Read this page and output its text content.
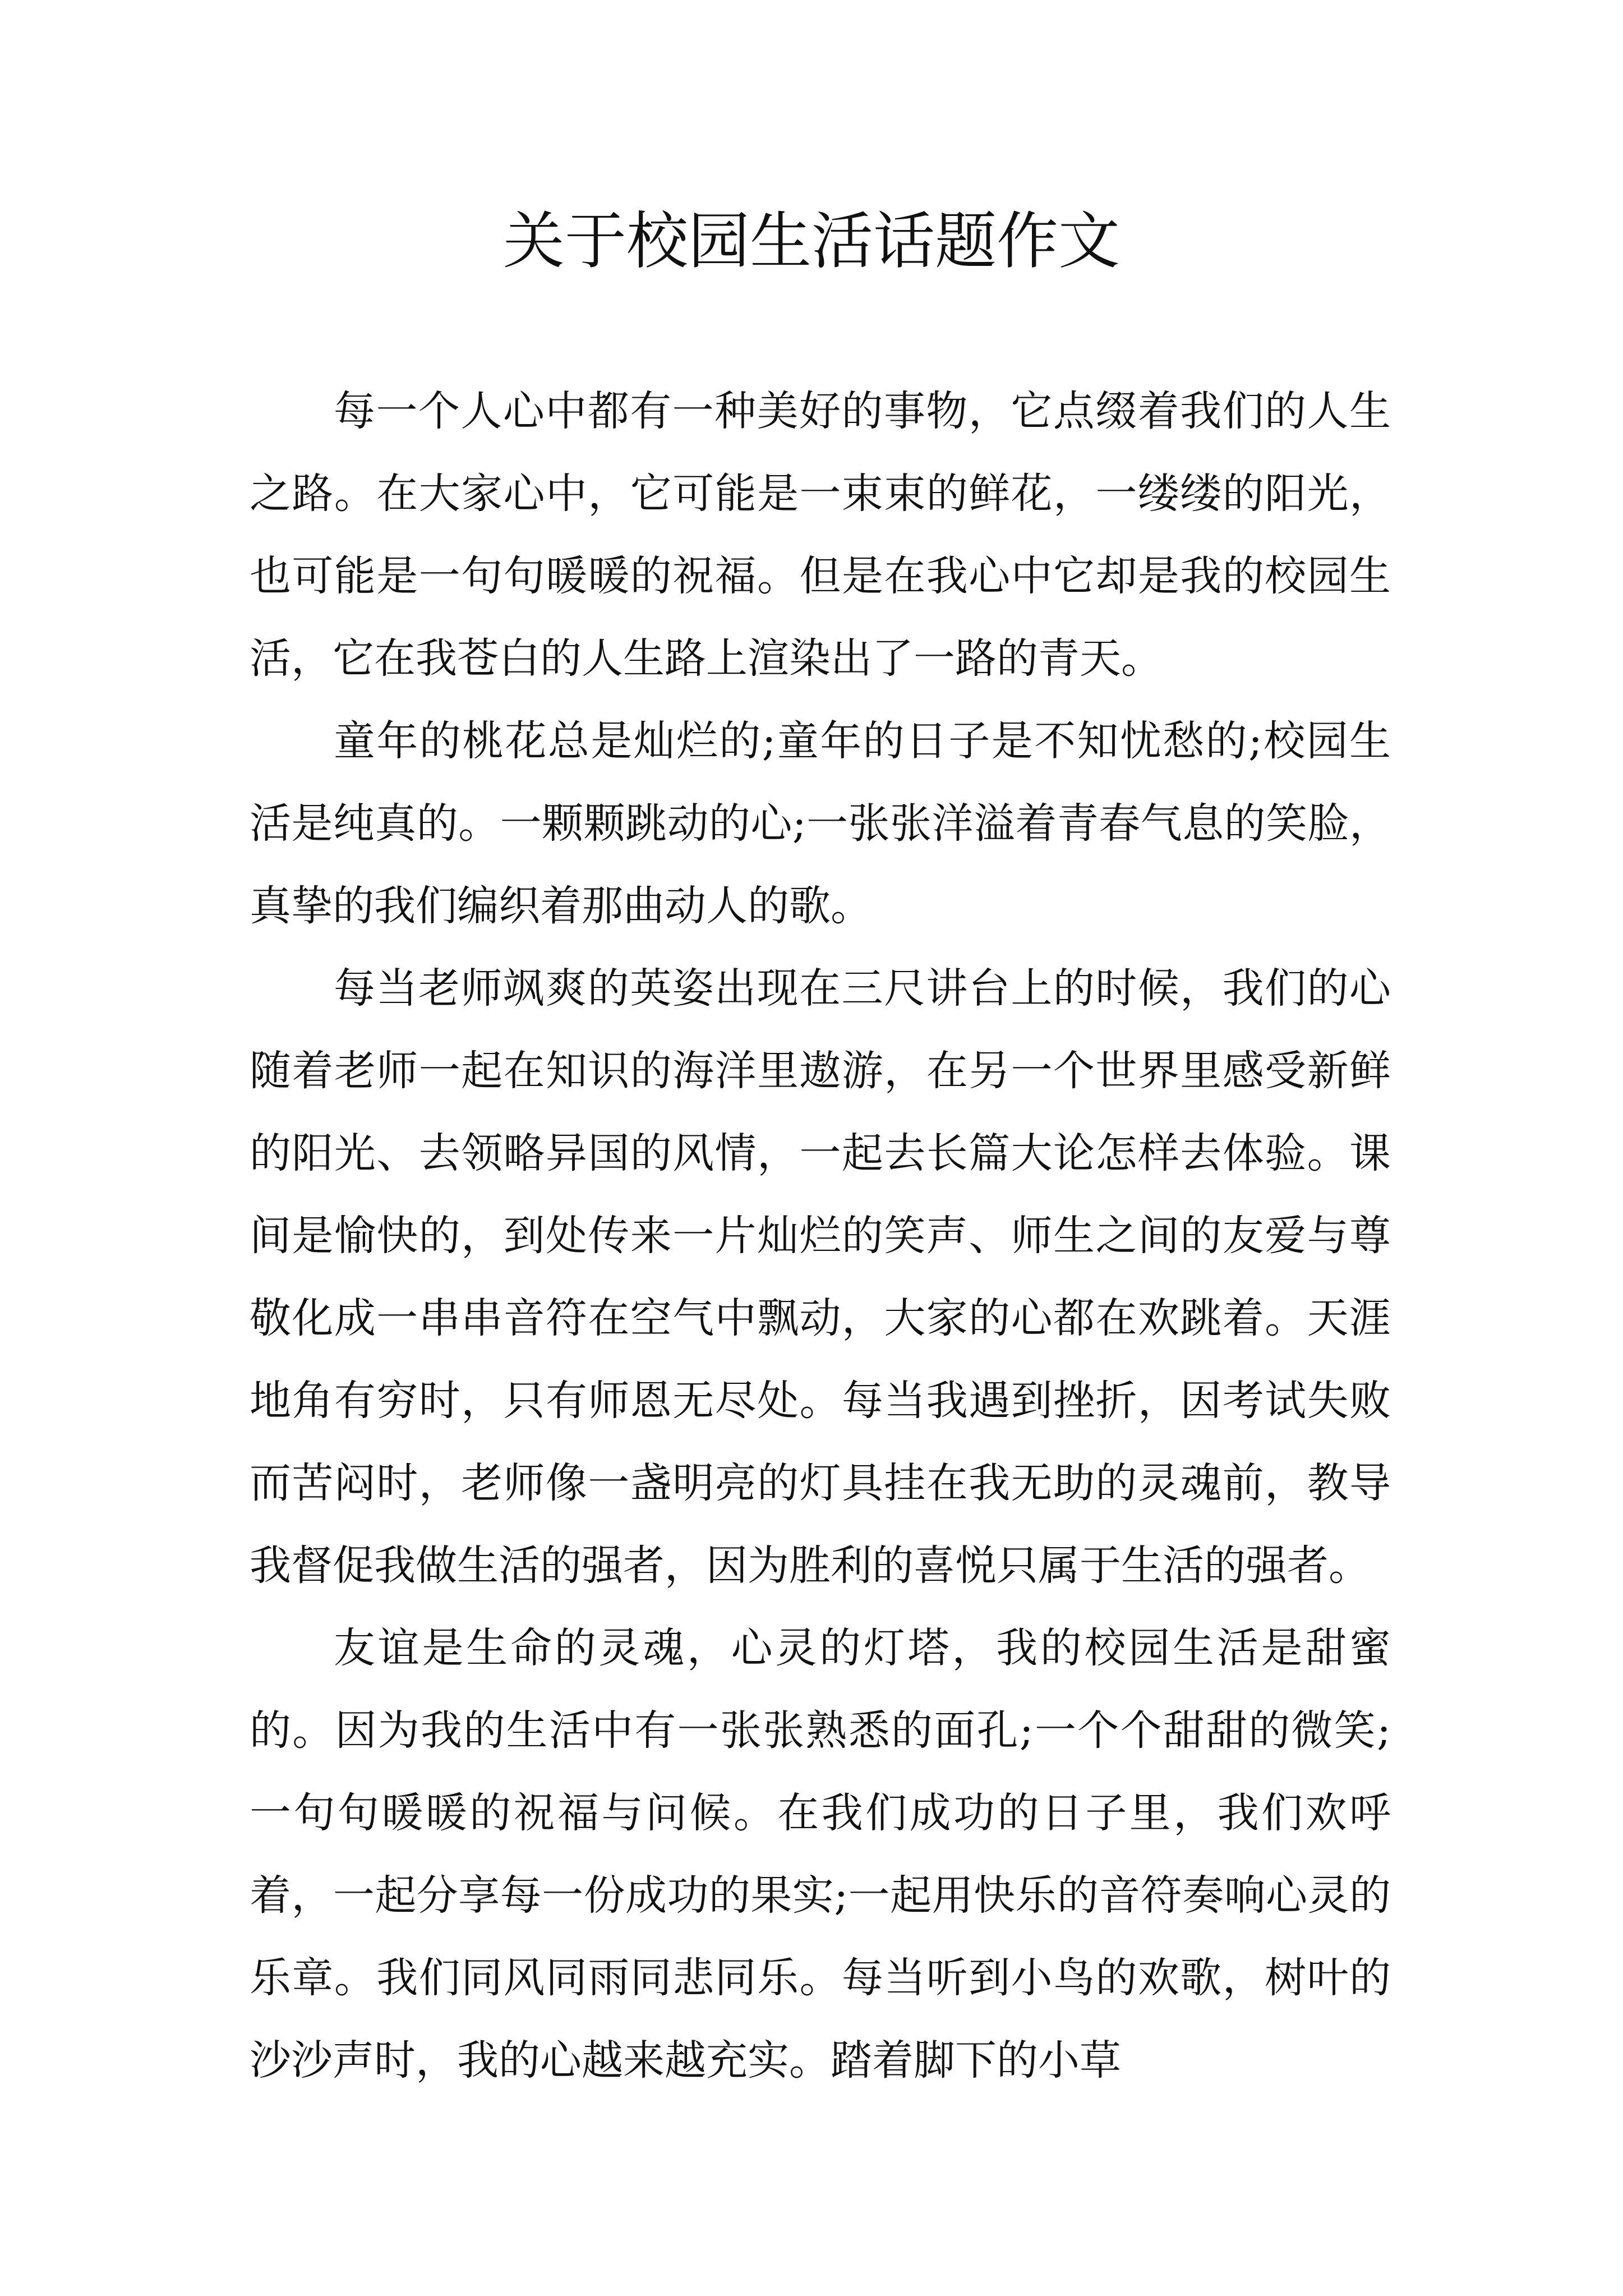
关于校园生活话题作文

每一个人心中都有一种美好的事物，它点缀着我们的人生之路。在大家心中，它可能是一束束的鲜花，一缕缕的阳光，也可能是一句句暖暖的祝福。但是在我心中它却是我的校园生活，它在我苍白的人生路上渲染出了一路的青天。

童年的桃花总是灿烂的;童年的日子是不知忧愁的;校园生活是纯真的。一颗颗跳动的心;一张张洋溢着青春气息的笑脸，真挚的我们编织着那曲动人的歌。

每当老师飒爽的英姿出现在三尺讲台上的时候，我们的心随着老师一起在知识的海洋里遨游，在另一个世界里感受新鲜的阳光、去领略异国的风情，一起去长篇大论怎样去体验。课间是愉快的，到处传来一片灿烂的笑声、师生之间的友爱与尊敬化成一串串音符在空气中飘动，大家的心都在欢跳着。天涯地角有穷时，只有师恩无尽处。每当我遇到挫折，因考试失败而苦闷时，老师像一盏明亮的灯具挂在我无助的灵魂前，教导我督促我做生活的强者，因为胜利的喜悦只属于生活的强者。

友谊是生命的灵魂，心灵的灯塔，我的校园生活是甜蜜的。因为我的生活中有一张张熟悉的面孔;一个个甜甜的微笑;一句句暖暖的祝福与问候。在我们成功的日子里，我们欢呼着，一起分享每一份成功的果实;一起用快乐的音符奏响心灵的乐章。我们同风同雨同悲同乐。每当听到小鸟的欢歌，树叶的沙沙声时，我的心越来越充实。踏着脚下的小草
